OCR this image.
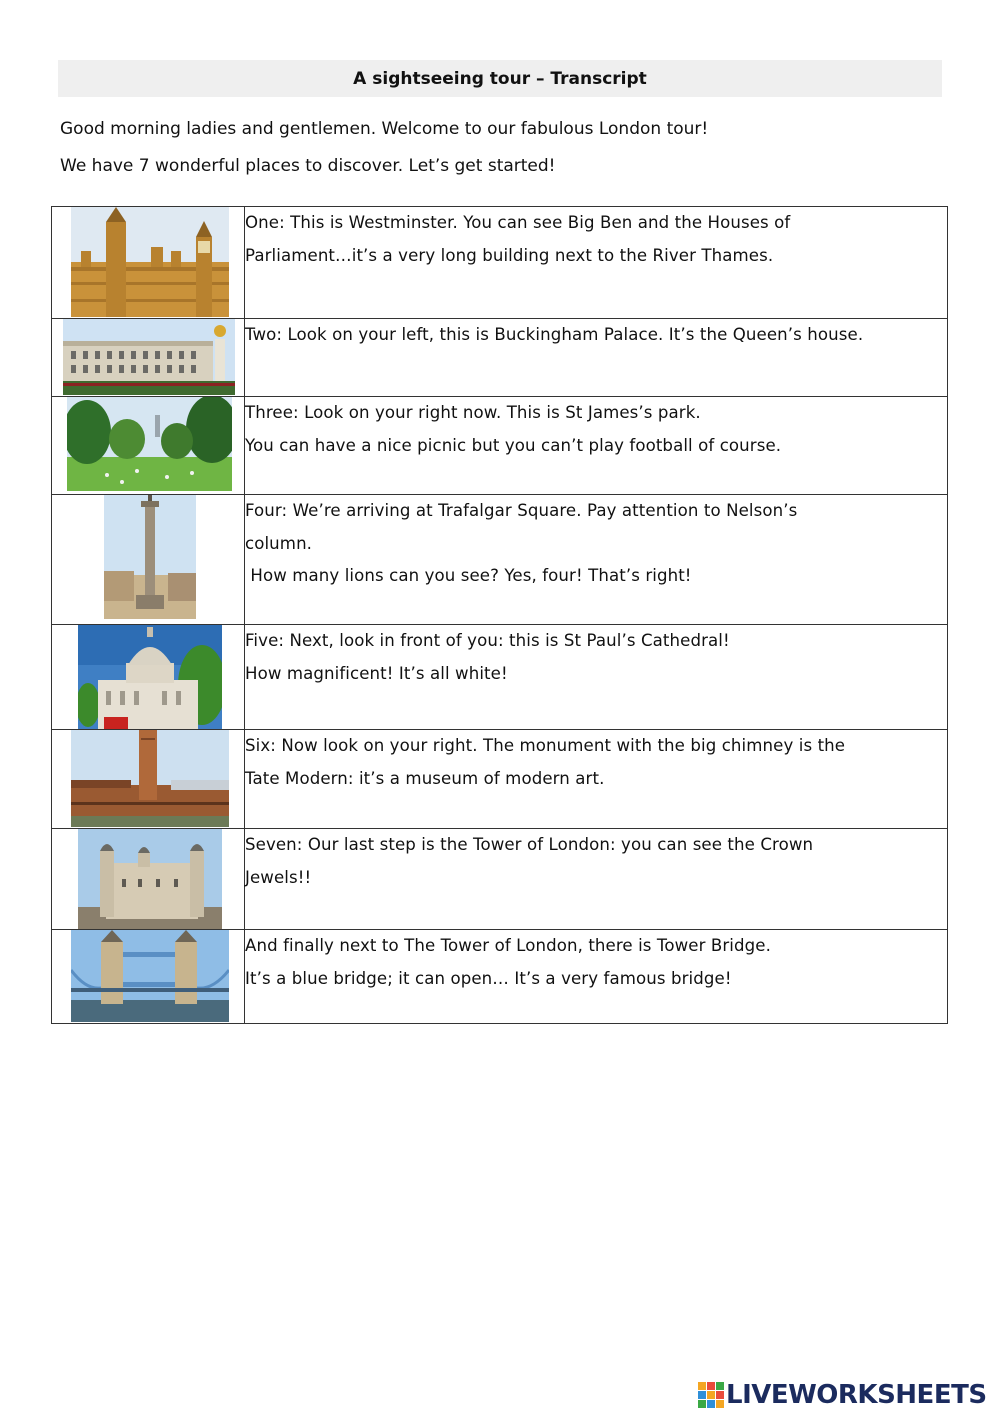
A sightseeing tour – Transcript
Good morning ladies and gentlemen. Welcome to our fabulous London tour!
We have 7 wonderful places to discover. Let’s get started!

One: This is Westminster. You can see Big Ben and the Houses of
Parliament…it’s a very long building next to the River Thames.

Two: Look on your left, this is Buckingham Palace. It’s the Queen’s house.

Three: Look on your right now. This is St James’s park.
You can have a nice picnic but you can’t play football of course.

Four: We’re arriving at Trafalgar Square. Pay attention to Nelson’s
column.
How many lions can you see? Yes, four! That’s right!

Five: Next, look in front of you: this is St Paul’s Cathedral!
How magnificent! It’s all white!

Six: Now look on your right. The monument with the big chimney is the
Tate Modern: it’s a museum of modern art.

Seven: Our last step is the Tower of London: you can see the Crown
Jewels!!

And finally next to The Tower of London, there is Tower Bridge.
It’s a blue bridge; it can open… It’s a very famous bridge!
LIVEWORKSHEETS
